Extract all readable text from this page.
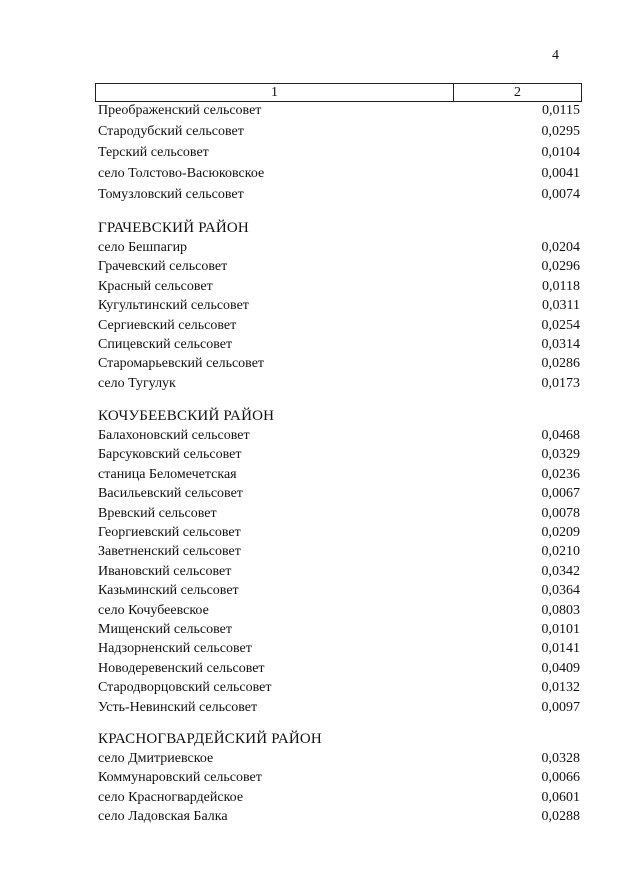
4
1	2
Преображенский сельсовет	0,0115
Стародубский сельсовет	0,0295
Терский сельсовет	0,0104
село Толстово-Васюковское	0,0041
Томузловский сельсовет	0,0074
ГРАЧЕВСКИЙ РАЙОН
село Бешпагир	0,0204
Грачевский сельсовет	0,0296
Красный сельсовет	0,0118
Кугультинский сельсовет	0,0311
Сергиевский сельсовет	0,0254
Спицевский сельсовет	0,0314
Старомарьевский сельсовет	0,0286
село Тугулук	0,0173
КОЧУБЕЕВСКИЙ РАЙОН
Балахоновский сельсовет	0,0468
Барсуковский сельсовет	0,0329
станица Беломечетская	0,0236
Васильевский сельсовет	0,0067
Вревский сельсовет	0,0078
Георгиевский сельсовет	0,0209
Заветненский сельсовет	0,0210
Ивановский сельсовет	0,0342
Казьминский сельсовет	0,0364
село Кочубеевское	0,0803
Мищенский сельсовет	0,0101
Надзорненский сельсовет	0,0141
Новодеревенский сельсовет	0,0409
Стародворцовский сельсовет	0,0132
Усть-Невинский сельсовет	0,0097
КРАСНОГВАРДЕЙСКИЙ РАЙОН
село Дмитриевское	0,0328
Коммунаровский сельсовет	0,0066
село Красногвардейское	0,0601
село Ладовская Балка	0,0288
